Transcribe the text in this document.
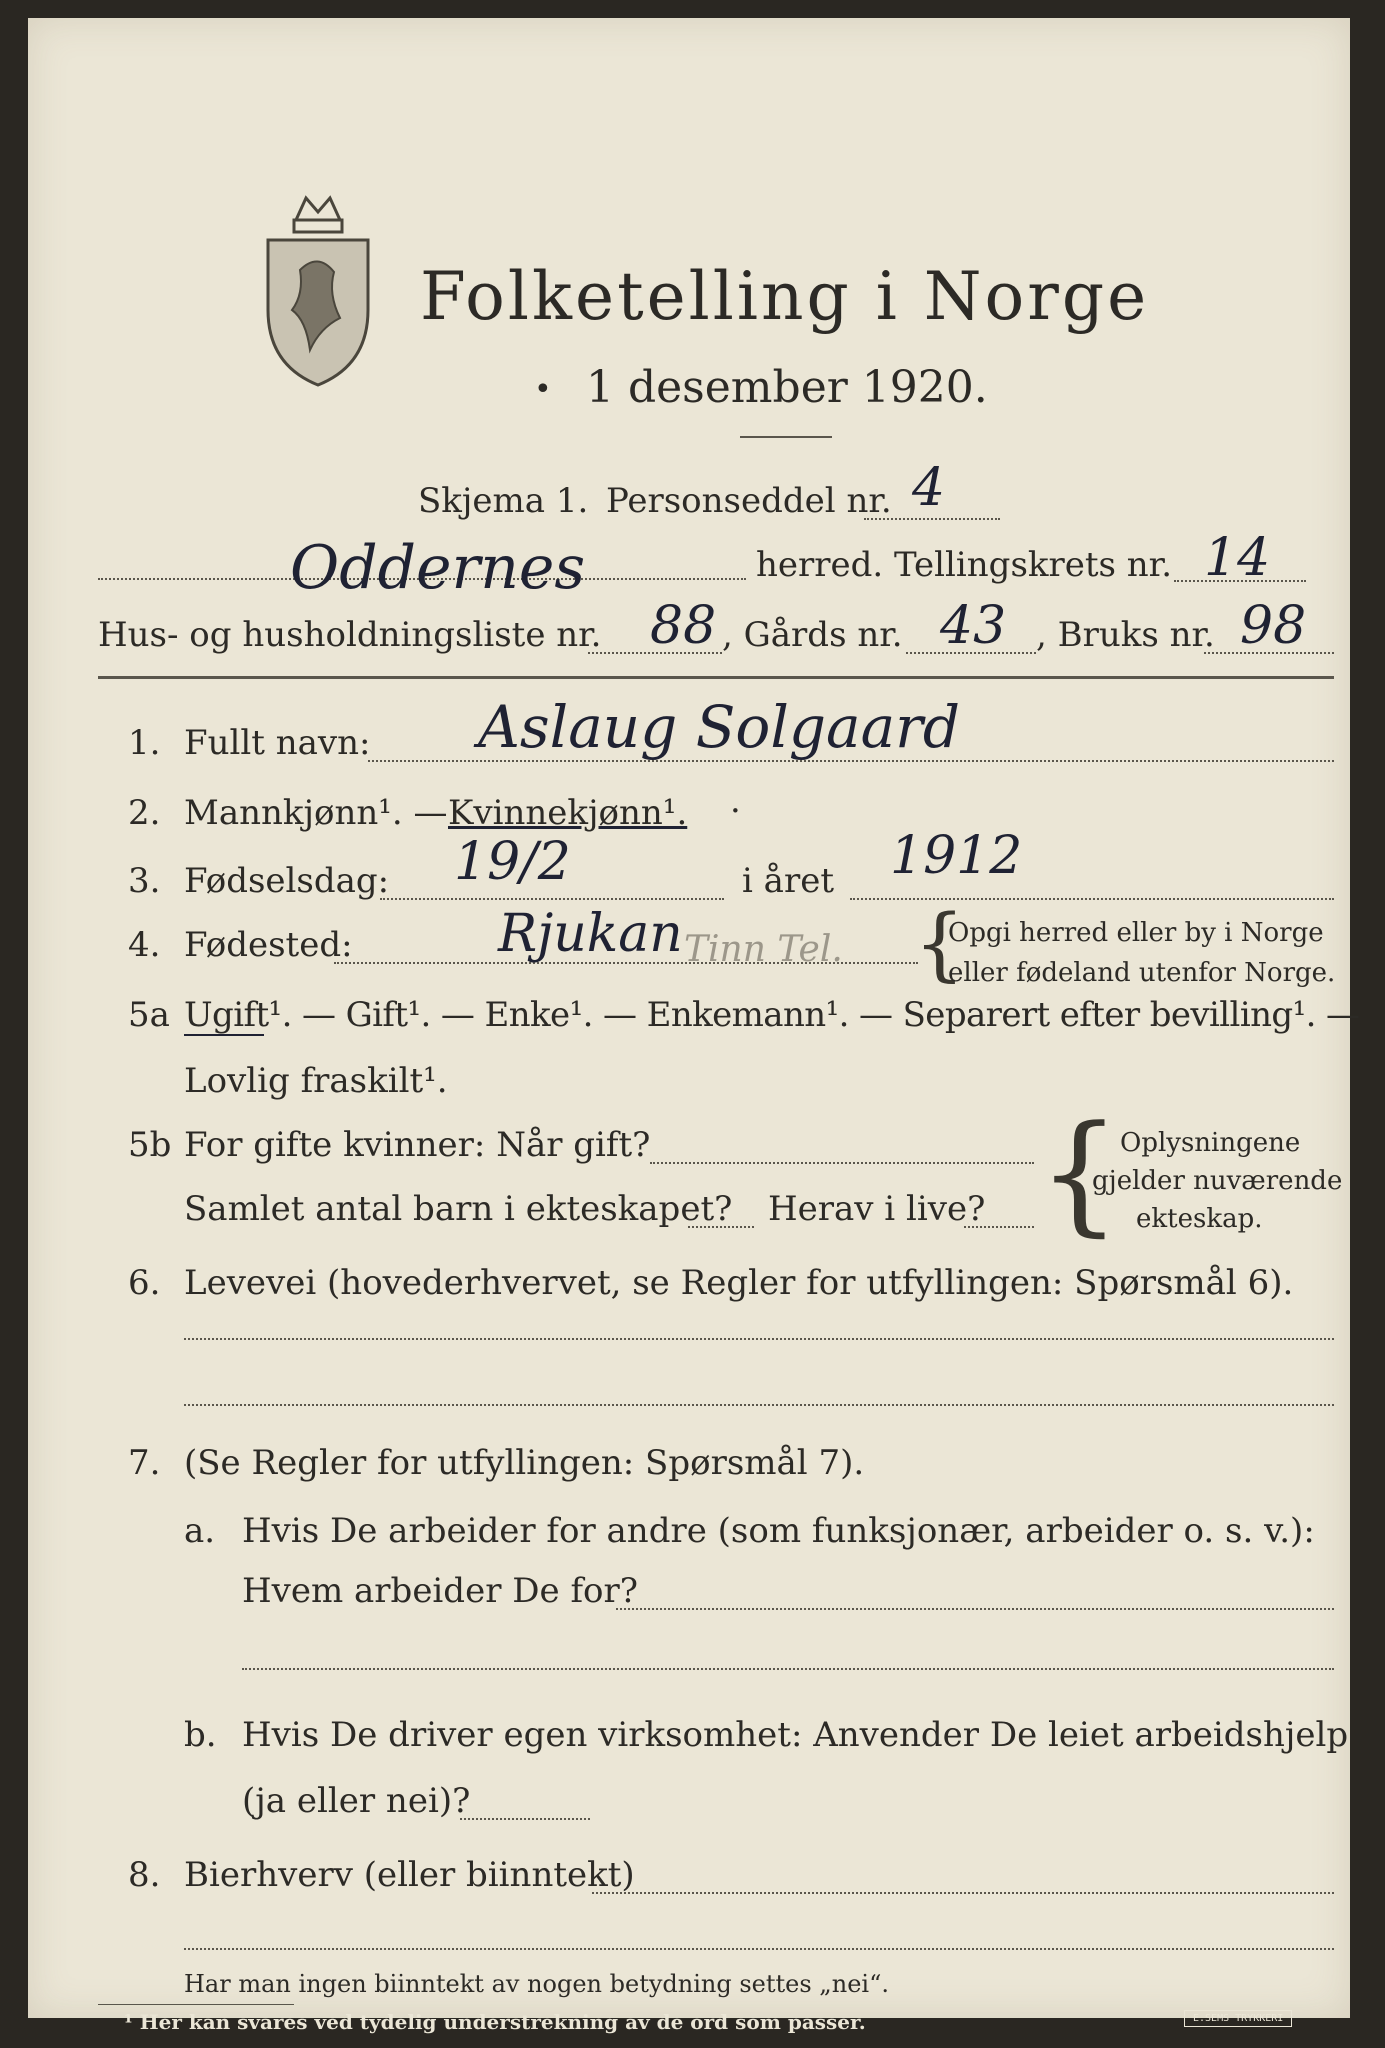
Folketelling i Norge
1 desember 1920.
•
Skjema 1. Personseddel nr. 4
Oddernes	herred. Tellingskrets nr. 14
Hus- og husholdningsliste nr. 88 , Gårds nr. 43 , Bruks nr. 98
1. Fullt navn: Aslaug Solgaard
2. Mannkjønn¹. — Kvinnekjønn¹. ·
3. Fødselsdag: 19/2	i året 1912
4. Fødested:	Rjukan Tinn Tel. {
Opgi herred eller by i Norge
eller fødeland utenfor Norge.
5a Ugift¹. — Gift¹. — Enke¹. — Enkemann¹. — Separert efter bevilling¹. —
Lovlig fraskilt¹.
5b For gifte kvinner: Når gift?
Samlet antal barn i ekteskapet? Herav i live? { Oplysningene
gjelder nuværende
ekteskap.
6. Levevei (hovederhvervet, se Regler for utfyllingen: Spørsmål 6).
7. (Se Regler for utfyllingen: Spørsmål 7).
a. Hvis De arbeider for andre (som funksjonær, arbeider o. s. v.):
Hvem arbeider De for?
b. Hvis De driver egen virksomhet: Anvender De leiet arbeidshjelp
(ja eller nei)?
8. Bierhverv (eller biinntekt)
Har man ingen biinntekt av nogen betydning settes „nei“.
¹ Her kan svares ved tydelig understrekning av de ord som passer.	E.SEMS TRYKKERI
